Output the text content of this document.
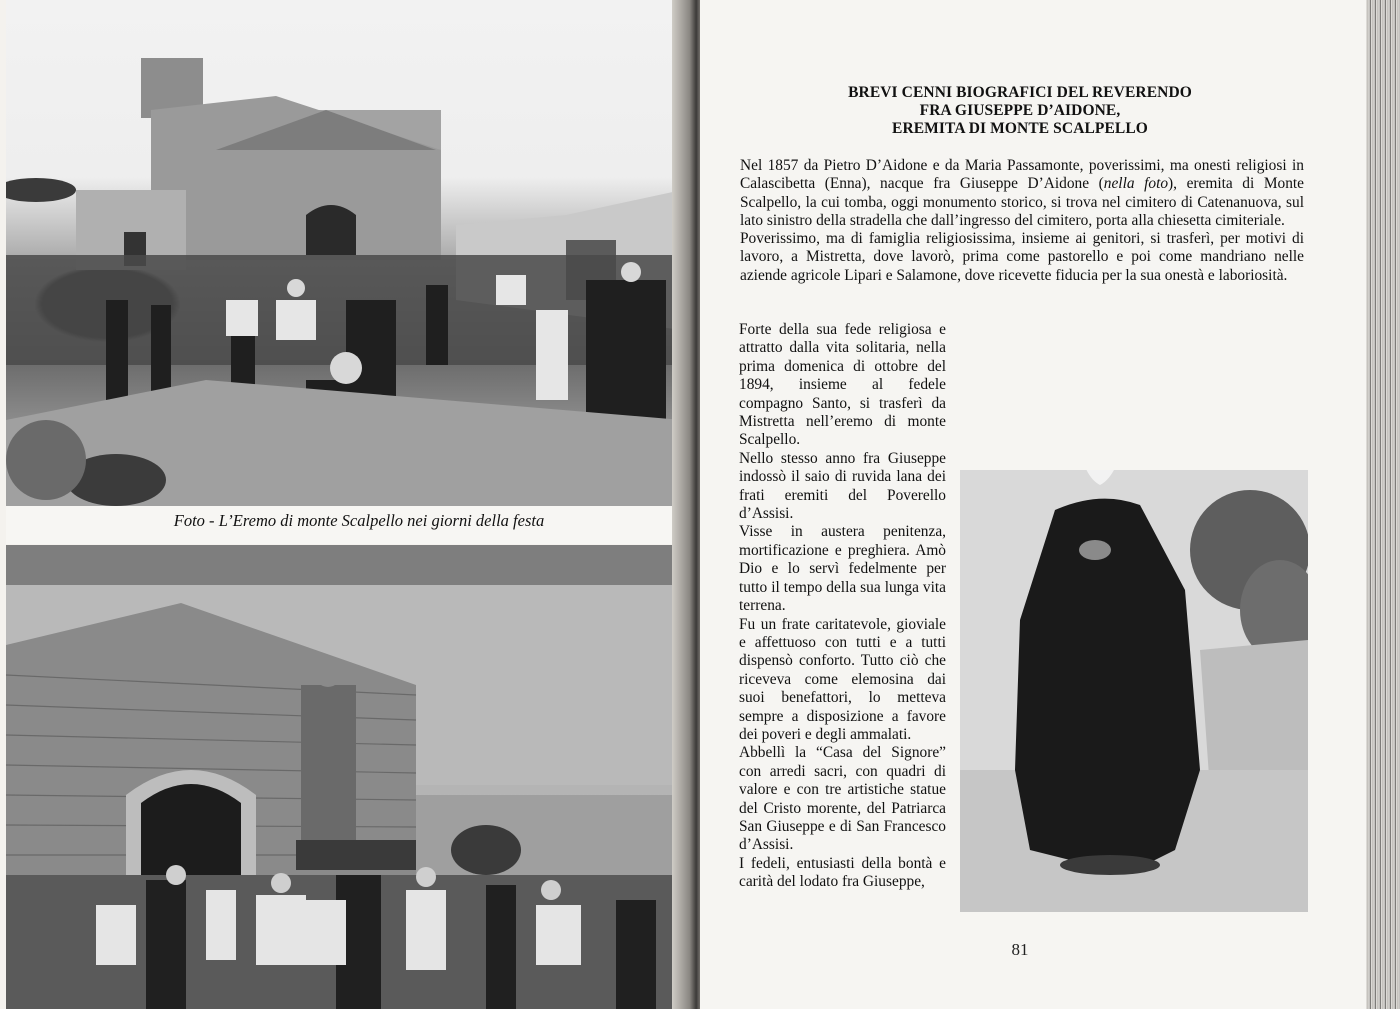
Foto - L’Eremo di monte Scalpello nei giorni della festa
BREVI CENNI BIOGRAFICI DEL REVERENDO
FRA GIUSEPPE D’AIDONE,
EREMITA DI MONTE SCALPELLO

Nel 1857 da Pietro D’Aidone e da Maria Passamonte, poverissimi, ma onesti religiosi in Calascibetta (Enna), nacque fra Giuseppe D’Aidone (nella foto), eremita di Monte Scalpello, la cui tomba, oggi monumento storico, si trova nel cimitero di Catenanuova, sul lato sinistro della stradella che dall’ingresso del cimitero, porta alla chiesetta cimiteriale.

Poverissimo, ma di famiglia religiosissima, insieme ai genitori, si trasferì, per motivi di lavoro, a Mistretta, dove lavorò, prima come pastorello e poi come mandriano nelle aziende agricole Lipari e Salamone, dove ricevette fiducia per la sua onestà e laboriosità.

Forte della sua fede religiosa e attratto dalla vita solitaria, nella prima domenica di ottobre del 1894, insieme al fedele compagno Santo, si trasferì da Mistretta nell’eremo di monte Scalpello.

Nello stesso anno fra Giuseppe indossò il saio di ruvida lana dei frati eremiti del Poverello d’Assisi.

Visse in austera penitenza, mortificazione e preghiera. Amò Dio e lo servì fedelmente per tutto il tempo della sua lunga vita terrena.

Fu un frate caritatevole, gioviale e affettuoso con tutti e a tutti dispensò conforto. Tutto ciò che riceveva come elemosina dai suoi benefattori, lo metteva sempre a disposizione a favore dei poveri e degli ammalati.

Abbellì la “Casa del Signore” con arredi sacri, con quadri di valore e con tre artistiche statue del Cristo morente, del Patriarca San Giuseppe e di San Francesco d’Assisi.

I fedeli, entusiasti della bontà e carità del lodato fra Giuseppe,

81
